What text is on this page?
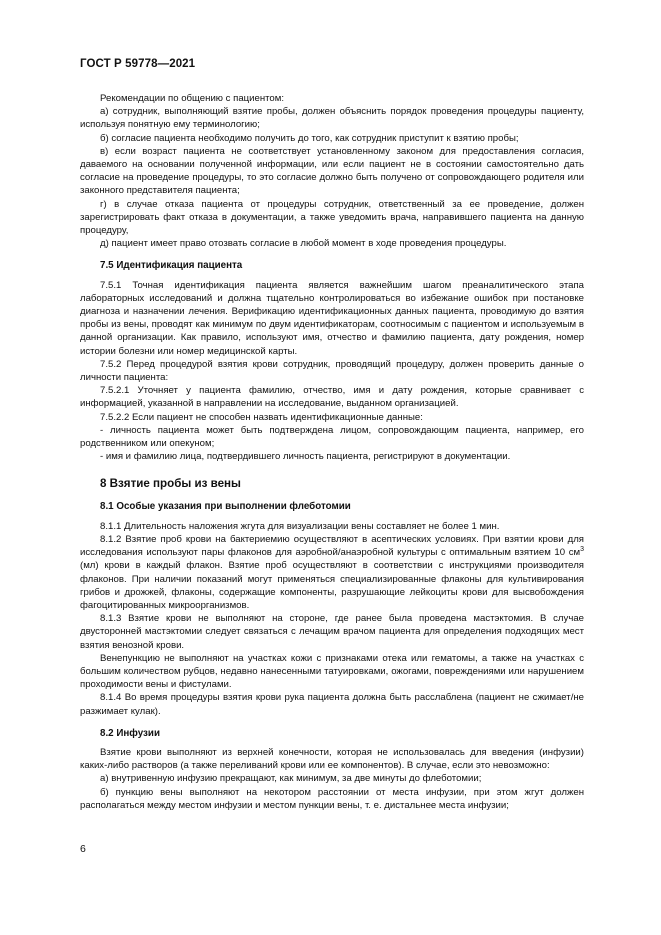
ГОСТ Р 59778—2021

Рекомендации по общению с пациентом:

а) сотрудник, выполняющий взятие пробы, должен объяснить порядок проведения процедуры пациенту, используя понятную ему терминологию;

б) согласие пациента необходимо получить до того, как сотрудник приступит к взятию пробы;

в) если возраст пациента не соответствует установленному законом для предоставления согласия, даваемого на основании полученной информации, или если пациент не в состоянии самостоятельно дать согласие на проведение процедуры, то это согласие должно быть получено от сопровождающего родителя или законного представителя пациента;

г) в случае отказа пациента от процедуры сотрудник, ответственный за ее проведение, должен зарегистрировать факт отказа в документации, а также уведомить врача, направившего пациента на данную процедуру,

д) пациент имеет право отозвать согласие в любой момент в ходе проведения процедуры.

7.5 Идентификация пациента

7.5.1 Точная идентификация пациента является важнейшим шагом преаналитического этапа лабораторных исследований и должна тщательно контролироваться во избежание ошибок при постановке диагноза и назначении лечения. Верификацию идентификационных данных пациента, проводимую до взятия пробы из вены, проводят как минимум по двум идентификаторам, соотносимым с пациентом и используемым в данной организации. Как правило, используют имя, отчество и фамилию пациента, дату рождения, номер истории болезни или номер медицинской карты.

7.5.2 Перед процедурой взятия крови сотрудник, проводящий процедуру, должен проверить данные о личности пациента:

7.5.2.1 Уточняет у пациента фамилию, отчество, имя и дату рождения, которые сравнивает с информацией, указанной в направлении на исследование, выданном организацией.

7.5.2.2 Если пациент не способен назвать идентификационные данные:

- личность пациента может быть подтверждена лицом, сопровождающим пациента, например, его родственником или опекуном;

- имя и фамилию лица, подтвердившего личность пациента, регистрируют в документации.

8 Взятие пробы из вены
8.1 Особые указания при выполнении флеботомии

8.1.1 Длительность наложения жгута для визуализации вены составляет не более 1 мин.

8.1.2 Взятие проб крови на бактериемию осуществляют в асептических условиях. При взятии крови для исследования используют пары флаконов для аэробной/анаэробной культуры с оптимальным взятием 10 $см^3$ (мл) крови в каждый флакон. Взятие проб осуществляют в соответствии с инструкциями производителя флаконов. При наличии показаний могут применяться специализированные флаконы для культивирования грибов и дрожжей, флаконы, содержащие компоненты, разрушающие лейкоциты крови для высвобождения фагоцитированных микроорганизмов.

8.1.3 Взятие крови не выполняют на стороне, где ранее была проведена мастэктомия. В случае двусторонней мастэктомии следует связаться с лечащим врачом пациента для определения подходящих мест взятия венозной крови.

Венепункцию не выполняют на участках кожи с признаками отека или гематомы, а также на участках с большим количеством рубцов, недавно нанесенными татуировками, ожогами, повреждениями или нарушением проходимости вены и фистулами.

8.1.4 Во время процедуры взятия крови рука пациента должна быть расслаблена (пациент не сжимает/не разжимает кулак).

8.2 Инфузии

Взятие крови выполняют из верхней конечности, которая не использовалась для введения (инфузии) каких-либо растворов (а также переливаний крови или ее компонентов). В случае, если это невозможно:

а) внутривенную инфузию прекращают, как минимум, за две минуты до флеботомии;

б) пункцию вены выполняют на некотором расстоянии от места инфузии, при этом жгут должен располагаться между местом инфузии и местом пункции вены, т. е. дистальнее места инфузии;

6
